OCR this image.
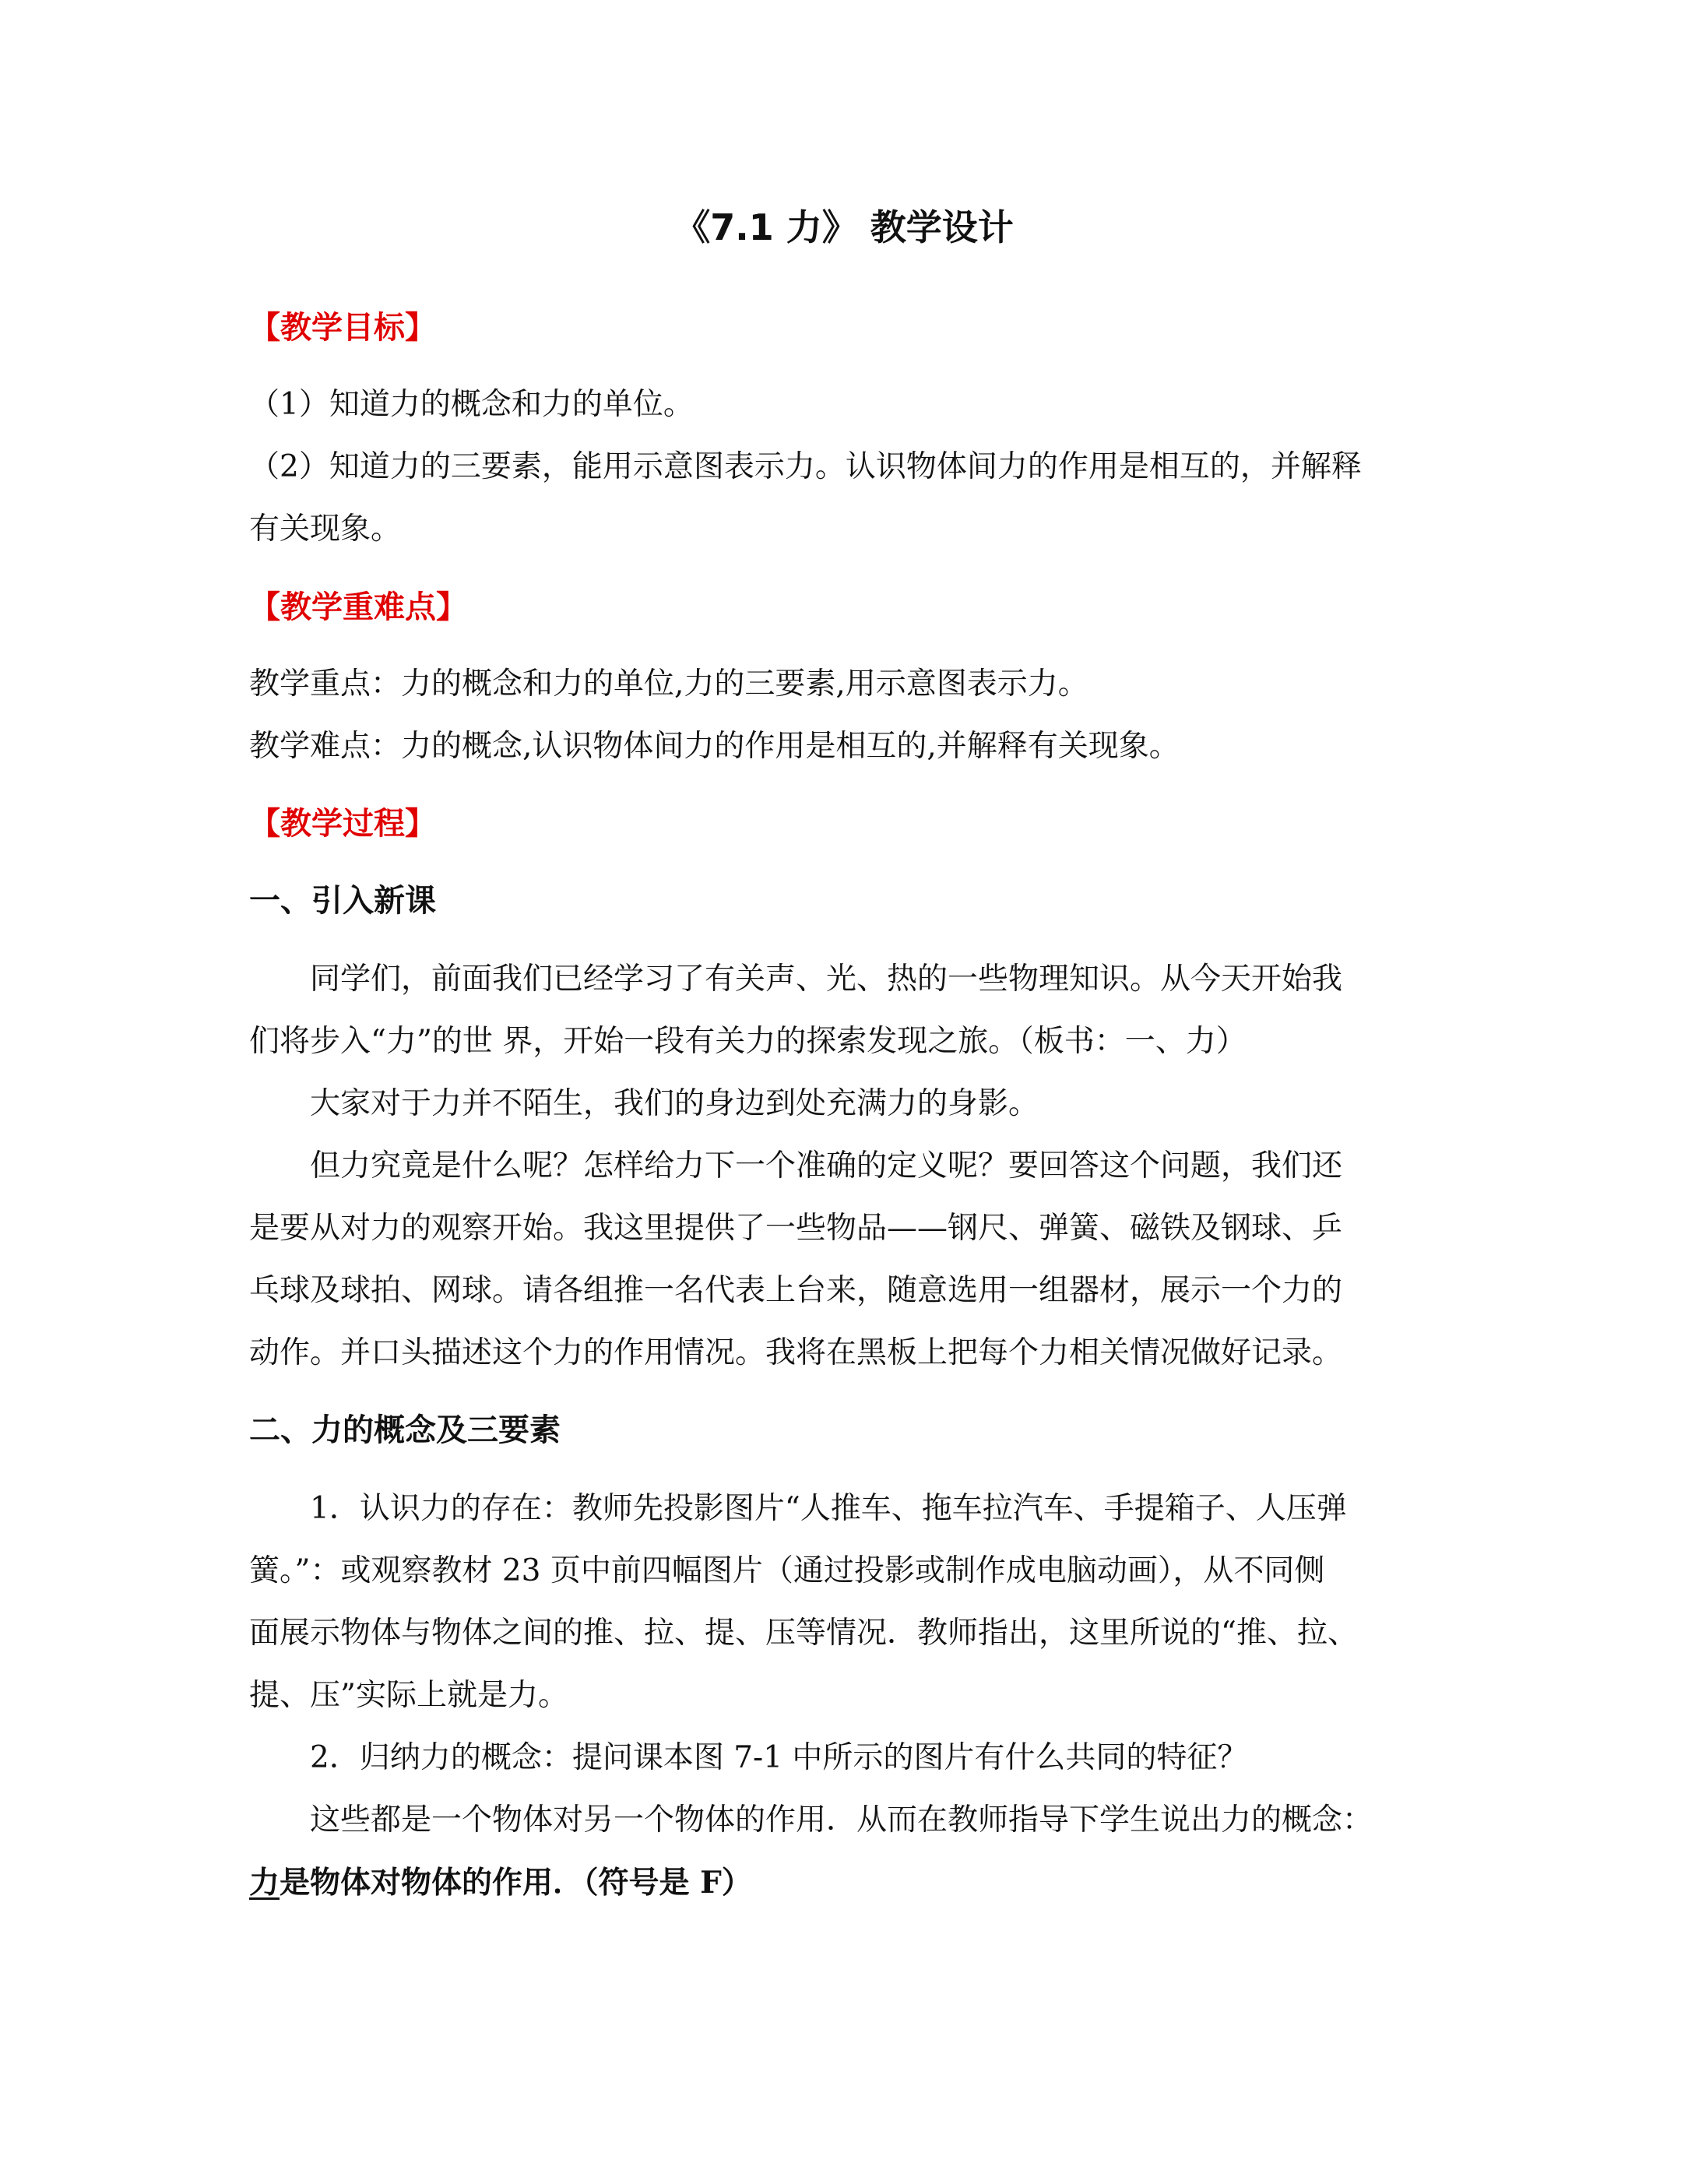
《7.1 力》 教学设计
【教学目标】
（1）知道力的概念和力的单位。
（2）知道力的三要素，能用示意图表示力。认识物体间力的作用是相互的，并解释
有关现象。
【教学重难点】
教学重点：力的概念和力的单位,力的三要素,用示意图表示力。
教学难点：力的概念,认识物体间力的作用是相互的,并解释有关现象。
【教学过程】
一、引入新课
同学们，前面我们已经学习了有关声、光、热的一些物理知识。从今天开始我
们将步入“力”的世 界，开始一段有关力的探索发现之旅。（板书：一、力）
大家对于力并不陌生，我们的身边到处充满力的身影。
但力究竟是什么呢？怎样给力下一个准确的定义呢？要回答这个问题，我们还
是要从对力的观察开始。我这里提供了一些物品——钢尺、弹簧、磁铁及钢球、乒
乓球及球拍、网球。请各组推一名代表上台来，随意选用一组器材，展示一个力的
动作。并口头描述这个力的作用情况。我将在黑板上把每个力相关情况做好记录。
二、力的概念及三要素
1．认识力的存在：教师先投影图片“人推车、拖车拉汽车、手提箱子、人压弹
簧。”：或观察教材 23 页中前四幅图片（通过投影或制作成电脑动画），从不同侧
面展示物体与物体之间的推、拉、提、压等情况．教师指出，这里所说的“推、拉、
提、压”实际上就是力。
2．归纳力的概念：提问课本图 7-1 中所示的图片有什么共同的特征？
这些都是一个物体对另一个物体的作用．从而在教师指导下学生说出力的概念：
力是物体对物体的作用．（符号是 F）
